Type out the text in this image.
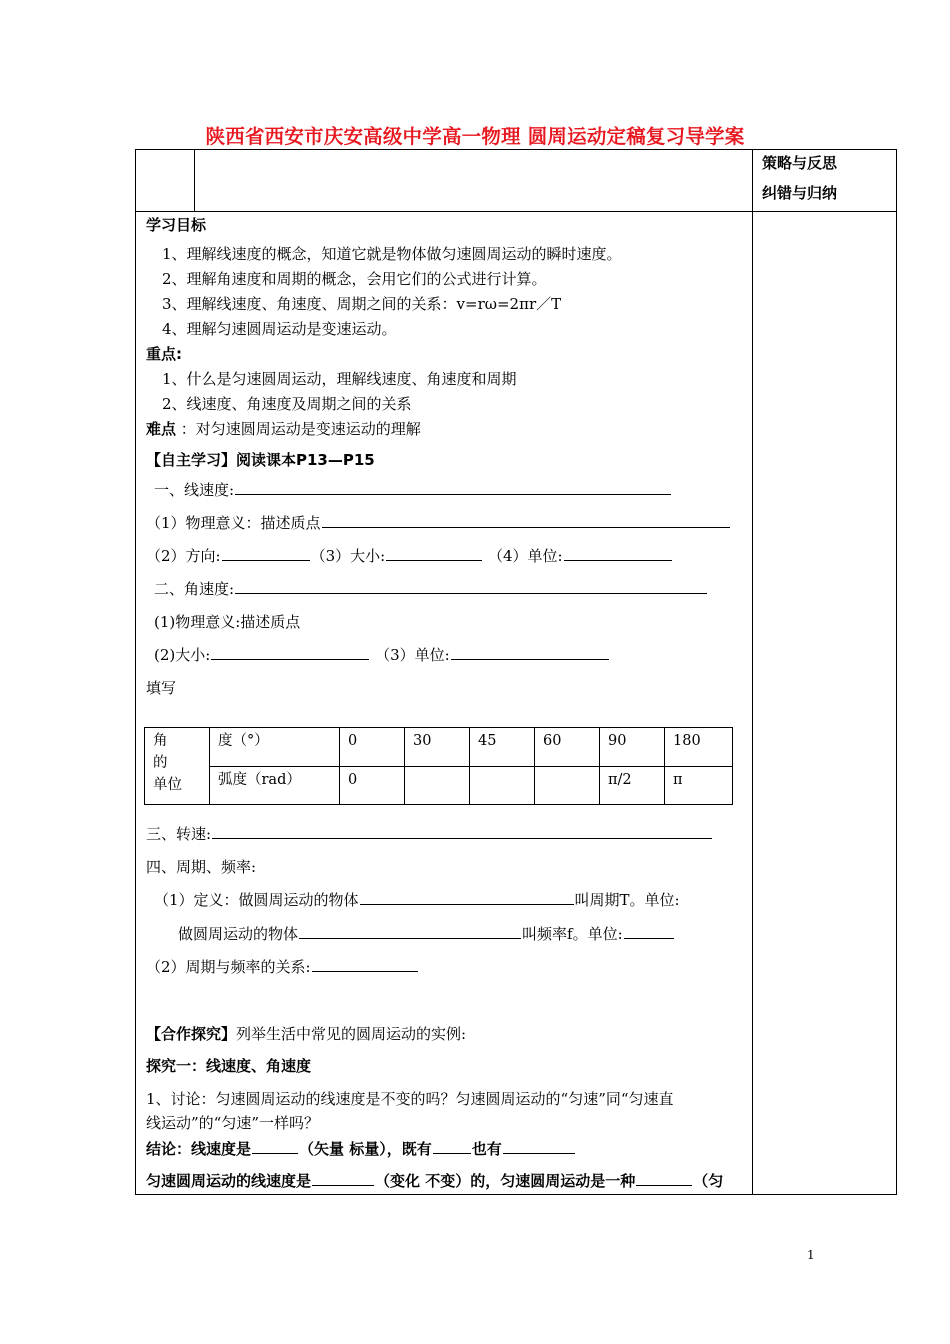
陕西省西安市庆安高级中学高一物理 圆周运动定稿复习导学案
策略与反思
纠错与归纳
学习目标
1、理解线速度的概念，知道它就是物体做匀速圆周运动的瞬时速度。
2、理解角速度和周期的概念，会用它们的公式进行计算。
3、理解线速度、角速度、周期之间的关系：v=rω=2πr／T
4、理解匀速圆周运动是变速运动。
重点:
1、什么是匀速圆周运动，理解线速度、角速度和周期
2、线速度、角速度及周期之间的关系
难点 ：对匀速圆周运动是变速运动的理解
【自主学习】阅读课本P13—P15
一、线速度:
（1）物理意义：描述质点
（2）方向:	（3）大小:	（4）单位:
二、角速度:
(1)物理意义:描述质点
(2)大小:	（3）单位:
填写
角 的
单位	度（°）	0	30	45	60	90	180
	弧度（rad）	0				π/2	π
三、转速:
四、周期、频率:
（1）定义：做圆周运动的物体	叫周期T。单位:
做圆周运动的物体	叫频率f。单位:
（2）周期与频率的关系:
【合作探究】列举生活中常见的圆周运动的实例:
探究一：线速度、角速度
1、讨论：匀速圆周运动的线速度是不变的吗？匀速圆周运动的“匀速”同“匀速直
线运动”的“匀速”一样吗？
结论：线速度是	（矢量 标量），既有	也有
匀速圆周运动的线速度是	（变化 不变）的，匀速圆周运动是一种	（匀
1
